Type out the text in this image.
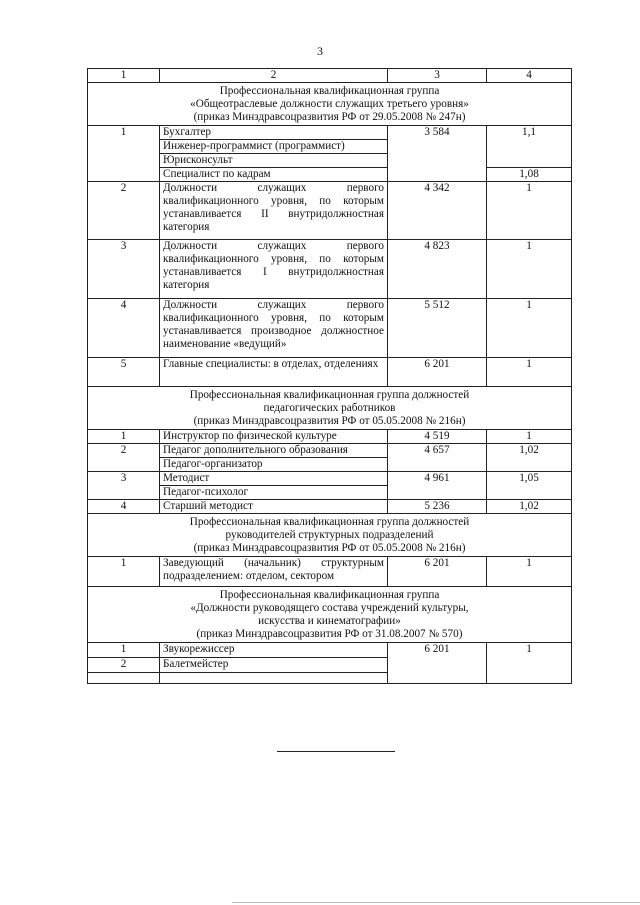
3
1	2	3	4

Профессиональная квалификационная группа
«Общеотраслевые должности служащих третьего уровня»
(приказ Минздравсоцразвития РФ от 29.05.2008 № 247н)			

1	Бухгалтер	3 584	1,1
	Инженер-программист (программист)		
	Юрисконсульт		
	Специалист по кадрам		1,08
2	Должности служащих первого квалификационного уровня, по которым устанавливается II внутридолжностная категория	4 342	1
3	Должности служащих первого квалификационного уровня, по которым устанавливается I внутридолжностная категория	4 823	1
4	Должности служащих первого квалификационного уровня, по которым устанавливается производное должностное наименование «ведущий»	5 512	1
5	Главные специалисты: в отделах, отделениях	6 201	1

Профессиональная квалификационная группа должностей
педагогических работников
(приказ Минздравсоцразвития РФ от 05.05.2008 № 216н)			

1	Инструктор по физической культуре	4 519	1
2	Педагог дополнительного образования	4 657	1,02
	Педагог-организатор		
3	Методист	4 961	1,05
	Педагог-психолог		
4	Старший методист	5 236	1,02

Профессиональная квалификационная группа должностей
руководителей структурных подразделений
(приказ Минздравсоцразвития РФ от 05.05.2008 № 216н)			

1	Заведующий (начальник) структурным подразделением: отделом, сектором	6 201	1

Профессиональная квалификационная группа
«Должности руководящего состава учреждений культуры,
искусства и кинематографии»
(приказ Минздравсоцразвития РФ от 31.08.2007 № 570)			

1	Звукорежиссер	6 201	1
2	Балетмейстер		
